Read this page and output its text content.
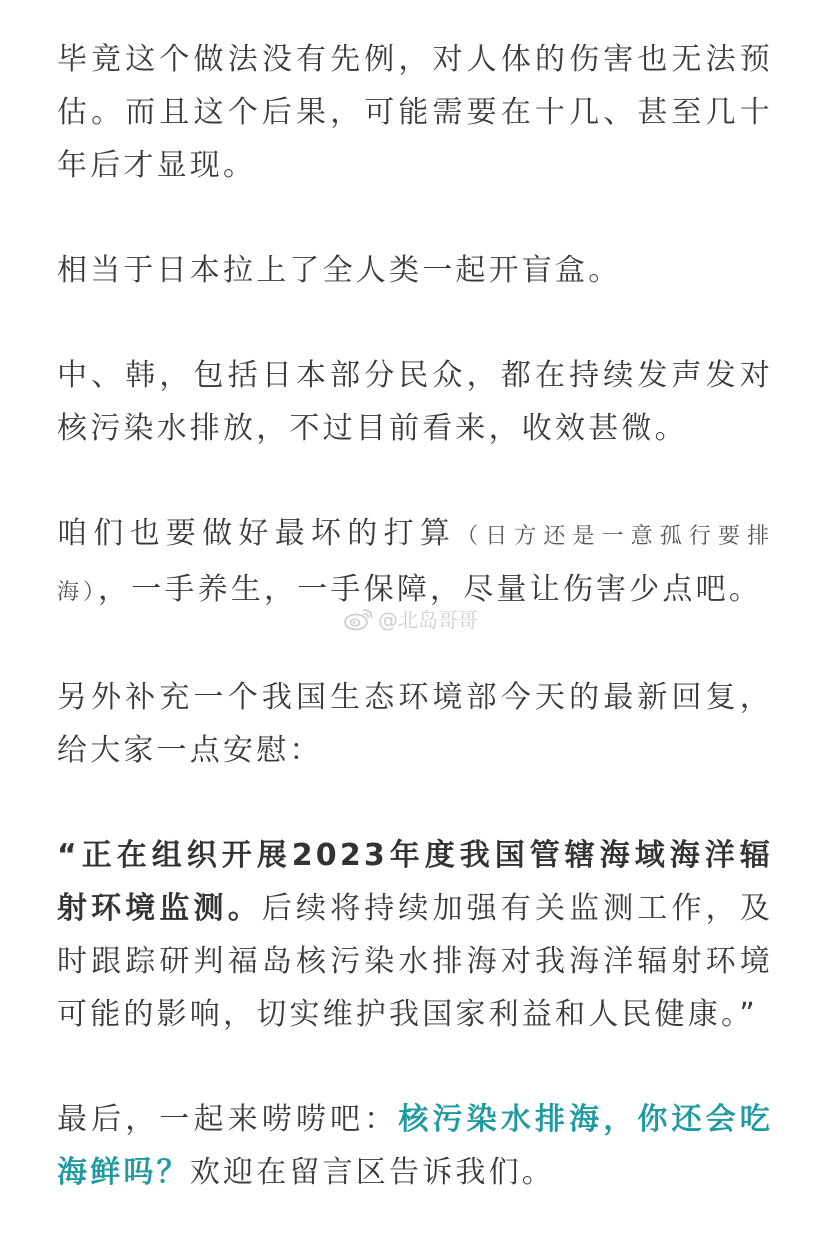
毕竟这个做法没有先例，对人体的伤害也无法预估。而且这个后果，可能需要在十几、甚至几十年后才显现。

相当于日本拉上了全人类一起开盲盒。

中、韩，包括日本部分民众，都在持续发声发对核污染水排放，不过目前看来，收效甚微。

咱们也要做好最坏的打算（日方还是一意孤行要排海），一手养生，一手保障，尽量让伤害少点吧。

另外补充一个我国生态环境部今天的最新回复，给大家一点安慰：

“正在组织开展2023年度我国管辖海域海洋辐射环境监测。后续将持续加强有关监测工作，及时跟踪研判福岛核污染水排海对我海洋辐射环境可能的影响，切实维护我国家利益和人民健康。”

最后，一起来唠唠吧：核污染水排海，你还会吃海鲜吗？欢迎在留言区告诉我们。

@北岛哥哥
